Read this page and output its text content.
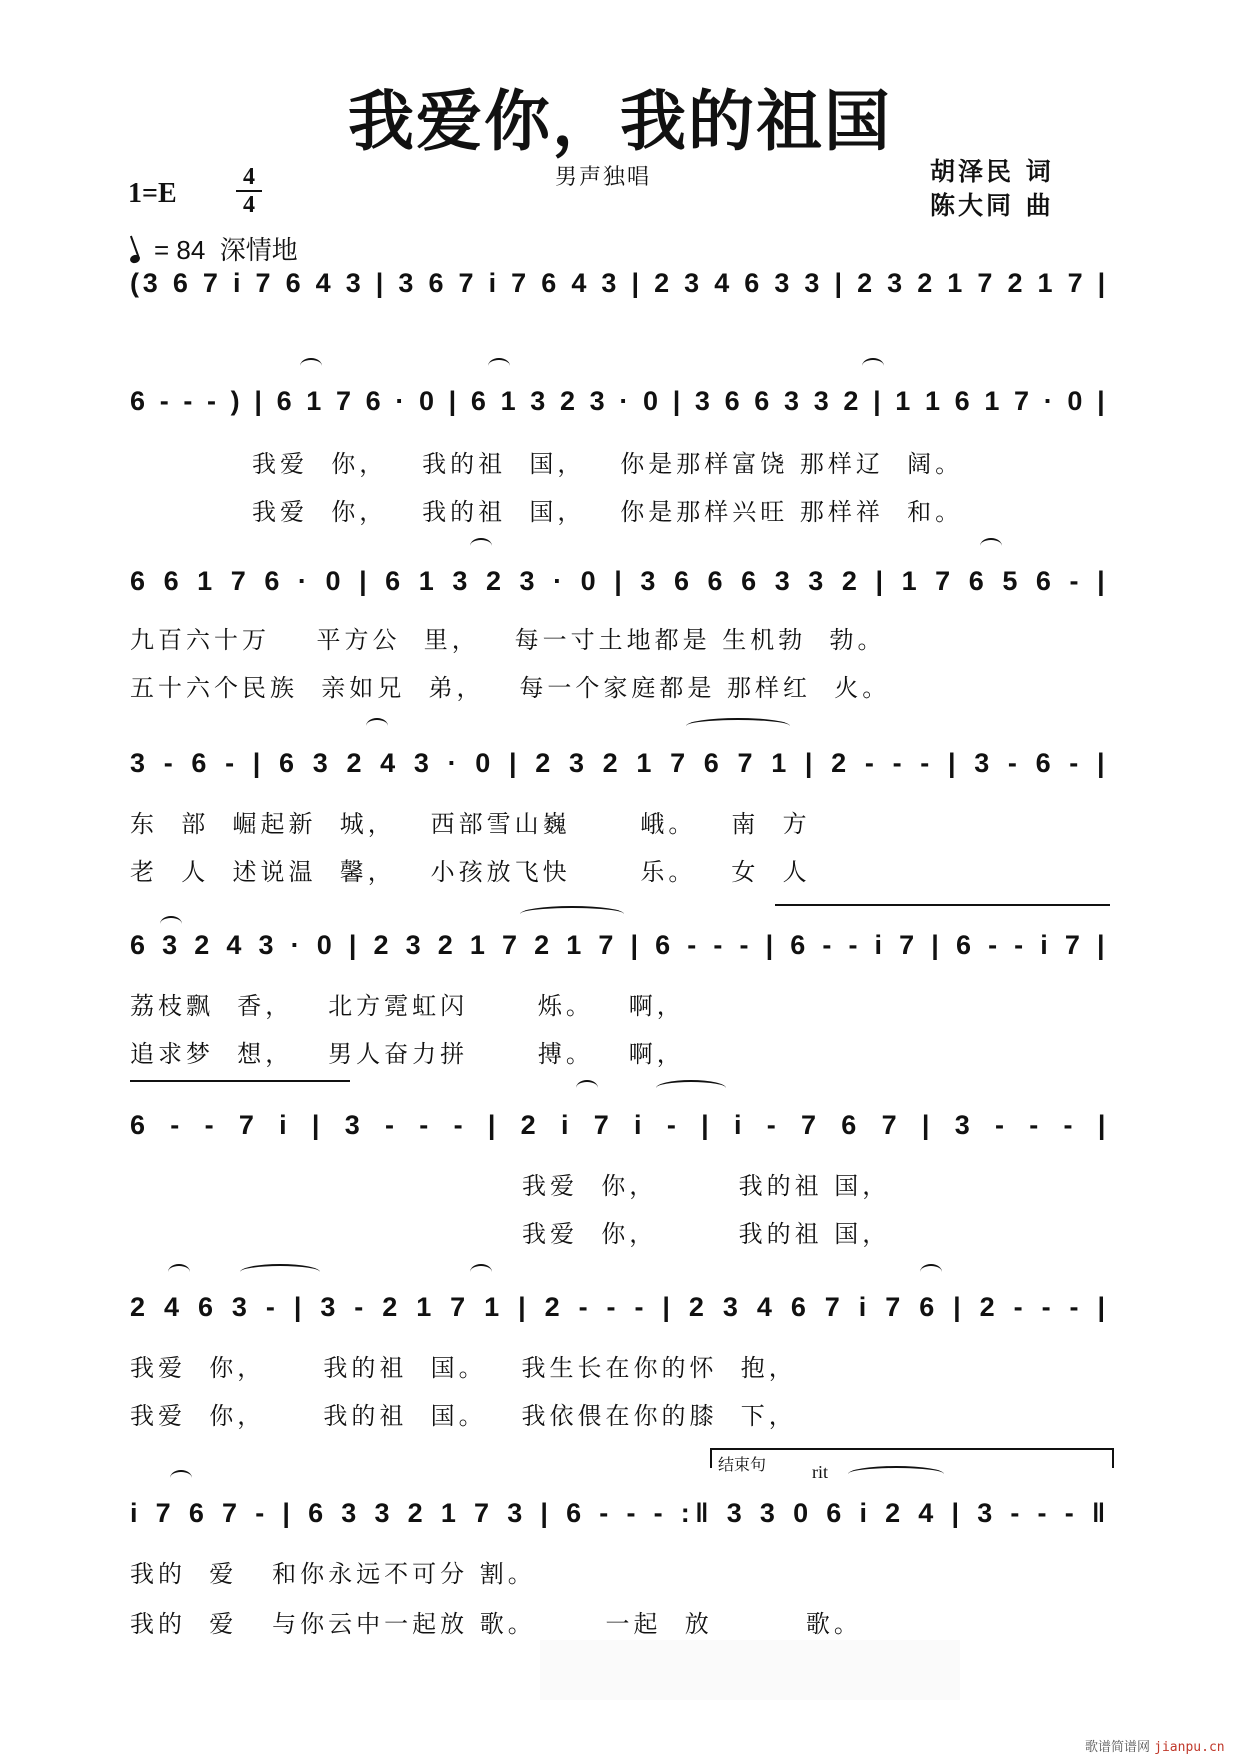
我爱你，我的祖国
男声独唱
1=E
4
4
= 84 深情地
胡泽民 词
陈大同 曲
(3 6 7 i 7 6 4 3 | 3 6 7 i 7 6 4 3 | 2 3 4 6 3 3 | 2 3 2 1 7 2 1 7 |
6 - - - ) | 6 1 7 6 · 0 | 6 1 3 2 3 · 0 | 3 6 6 3 3 2 | 1 1 6 1 7 · 0 |
我爱  你，   我的祖  国，   你是那样富饶 那样辽  阔。
我爱  你，   我的祖  国，   你是那样兴旺 那样祥  和。
6 6 1 7 6 · 0 | 6 1 3 2 3 · 0 | 3 6 6 6 3 3 2 | 1 7 6 5 6 - |
九百六十万    平方公  里，   每一寸土地都是 生机勃  勃。
五十六个民族  亲如兄  弟，   每一个家庭都是 那样红  火。
3 - 6 - | 6 3 2 4 3 · 0 | 2 3 2 1 7 6 7 1 | 2 - - - | 3 - 6 - |
东  部  崛起新  城，   西部雪山巍      峨。   南  方
老  人  述说温  馨，   小孩放飞快      乐。   女  人
6 3 2 4 3 · 0 | 2 3 2 1 7 2 1 7 | 6 - - - | 6 - - i 7 | 6 - - i 7 |
荔枝飘  香，   北方霓虹闪      烁。   啊，
追求梦  想，   男人奋力拼      搏。   啊，
6 - - 7 i | 3 - - - | 2 i 7 i - | i - 7 6 7 | 3 - - - |
我爱  你，       我的祖 国，
我爱  你，       我的祖 国，
2 4 6 3 - | 3 - 2 1 7 1 | 2 - - - | 2 3 4 6 7 i 7 6 | 2 - - - |
我爱  你，     我的祖  国。   我生长在你的怀  抱，
我爱  你，     我的祖  国。   我依偎在你的膝  下，
结束句	rit
i 7 6 7 - | 6 3 3 2 1 7 3 | 6 - - - :‖ 3 3 0 6 i 2 4 | 3 - - - ‖
我的  爱   和你永远不可分 割。
我的  爱   与你云中一起放 歌。      一起  放        歌。
歌谱简谱网 jianpu.cn
